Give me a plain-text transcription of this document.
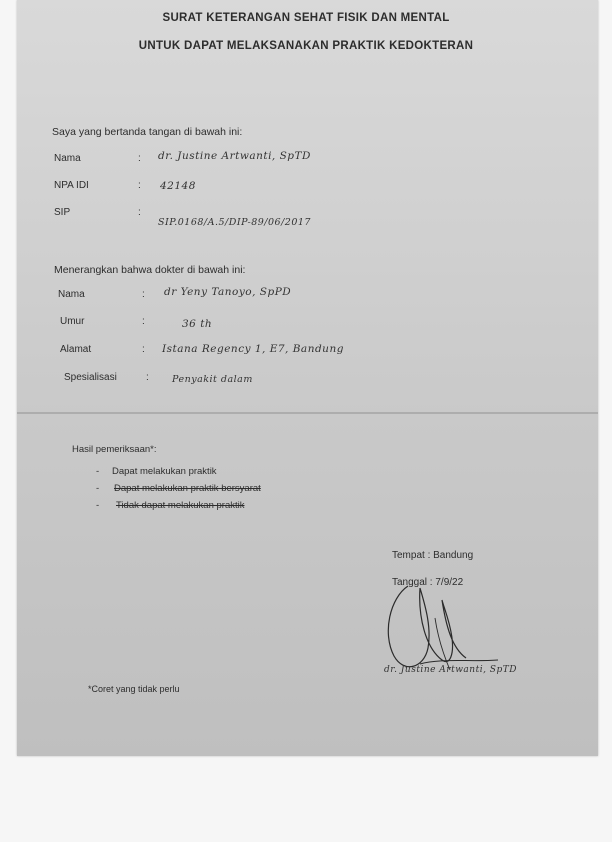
SURAT KETERANGAN SEHAT FISIK DAN MENTAL
UNTUK DAPAT MELAKSANAKAN PRAKTIK KEDOKTERAN
Saya yang bertanda tangan di bawah ini:
Nama	: dr. Justine Artwanti, SpTD
NPA IDI	: 42148
SIP	:
SIP.0168/A.5/DIP-89/06/2017
Menerangkan bahwa dokter di bawah ini:
Nama	: dr Yeny Tanoyo, SpPD
Umur	:	36 th
Alamat	: Istana Regency 1, E7, Bandung
Spesialisasi	: Penyakit dalam
Hasil pemeriksaan*:
- Dapat melakukan praktik
- Dapat melakukan praktik bersyarat
- Tidak dapat melakukan praktik
Tempat : Bandung
Tanggal : 7/9/22
dr. Justine Artwanti, SpTD
*Coret yang tidak perlu
